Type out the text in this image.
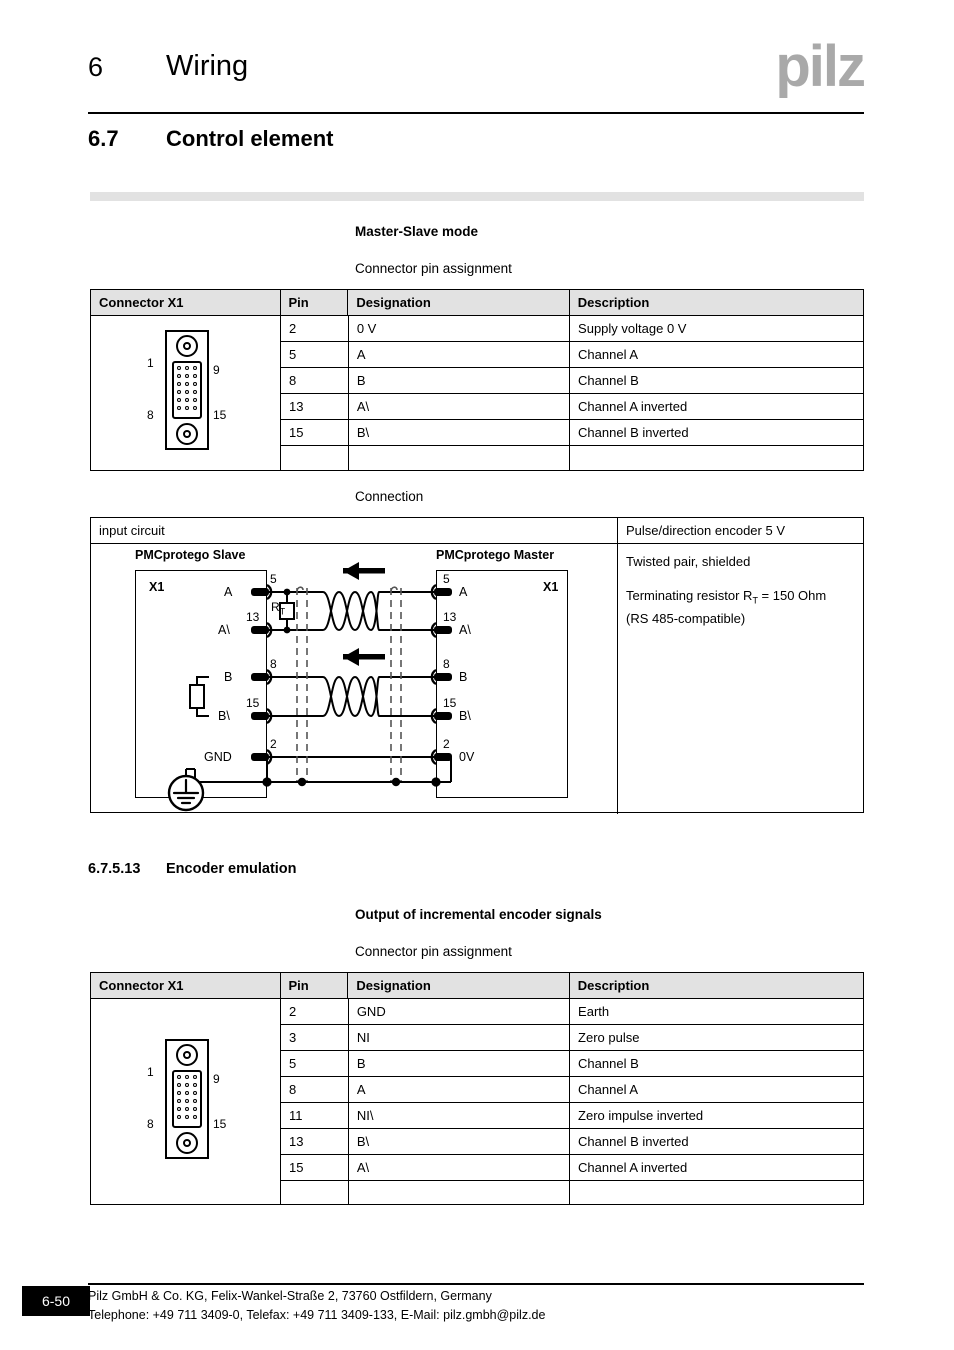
6 Wiring	pilz
6.7 Control element
Master-Slave mode
Connector pin assignment
Connector X1	Pin	Designation	Description
1	9
8	15
2	0 V	Supply voltage 0 V
5	A	Channel A
8	B	Channel B
13	A\	Channel A inverted
15	B\	Channel B inverted
Connection
input circuit	Pulse/direction encoder 5 V
PMCprotego Slave	PMCprotego Master
X1	X1
$R_T$
5
13
8
15
2
A
A\
B
B\
GND
5
13
8
15
2
A
A\
B
B\
0V

Twisted pair, shielded

Terminating resistor $R_T = 150$ Ohm
(RS 485-compatible)

6.7.5.13 Encoder emulation
Output of incremental encoder signals
Connector pin assignment
Connector X1	Pin	Designation	Description
1	9
8	15
2	GND	Earth
3	NI	Zero pulse
5	B	Channel B
8	A	Channel A
11	NI\	Zero impulse inverted
13	B\	Channel B inverted
15	A\	Channel A inverted
6-50	Pilz GmbH & Co. KG, Felix-Wankel-Straße 2, 73760 Ostfildern, Germany
Telephone: +49 711 3409-0, Telefax: +49 711 3409-133, E-Mail: pilz.gmbh@pilz.de
